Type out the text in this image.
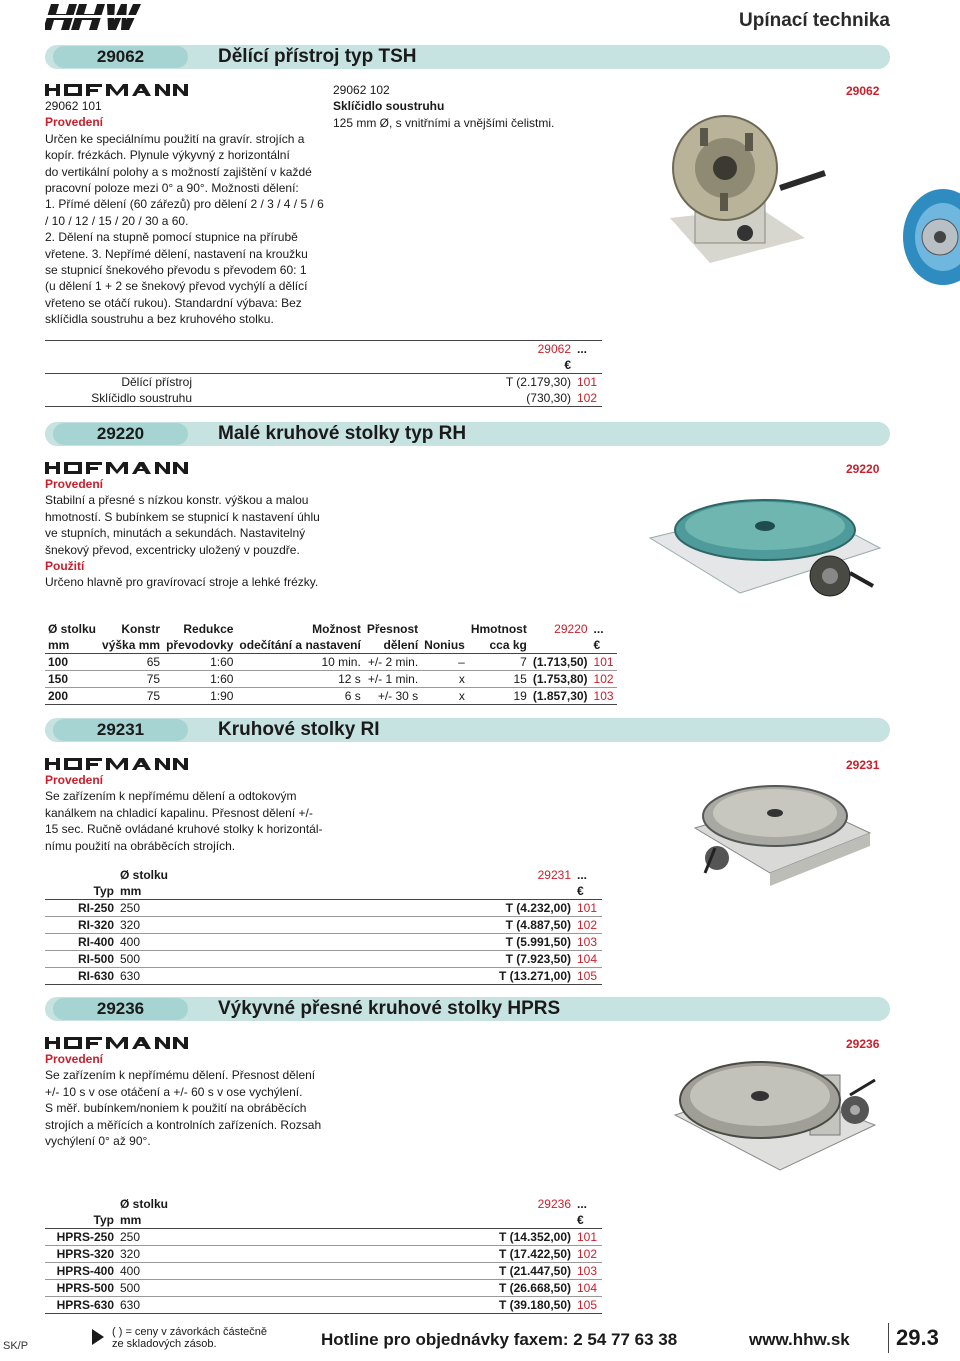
Upínací technika
29062	Dělící přístroj typ TSH
29062 101
Provedení
Určen ke speciálnímu použití na gravír. strojích a
kopír. frézkách. Plynule výkyvný z horizontální
do vertikální polohy a s možností zajištění v každé
pracovní poloze mezi 0° a 90°. Možnosti dělení:
1. Přímé dělení (60 zářezů) pro dělení 2 / 3 / 4 / 5 / 6
/ 10 / 12 / 15 / 20 / 30 a 60.
2. Dělení na stupně pomocí stupnice na přírubě
vřetene. 3. Nepřímé dělení, nastavení na kroužku
se stupnicí šnekového převodu s převodem 60: 1
(u dělení 1 + 2 se šnekový převod vychýlí a dělící
vřeteno se otáčí rukou). Standardní výbava: Bez
sklíčidla soustruhu a bez kruhového stolku.
29062 102
Sklíčidlo soustruhu
125 mm Ø, s vnitřními a vnějšími čelistmi.
29062
		29062	...
		€	
Dělící přístroj		T (2.179,30)	101
Sklíčidlo soustruhu		(730,30)	102
29220	Malé kruhové stolky typ RH
Provedení
Stabilní a přesné s nízkou konstr. výškou a malou
hmotností. S bubínkem se stupnicí k nastavení úhlu
ve stupních, minutách a sekundách. Nastavitelný
šnekový převod, excentricky uložený v pouzdře.
Použití
Určeno hlavně pro gravírovací stroje a lehké frézky.
29220
Ø stolku	Konstr	Redukce	Možnost	Přesnost		Hmotnost	29220	...
mm	výška mm	převodovky	odečítání a nastavení	dělení	Nonius	cca kg		€
100	65	1:60	10 min.	+/- 2 min.	–	7	(1.713,50)	101
150	75	1:60	12 s	+/- 1 min.	x	15	(1.753,80)	102
200	75	1:90	6 s	+/- 30 s	x	19	(1.857,30)	103
29231	Kruhové stolky RI
Provedení
Se zařízením k nepřímému dělení a odtokovým
kanálkem na chladicí kapalinu. Přesnost dělení +/-
15 sec. Ručně ovládané kruhové stolky k horizontál-
nímu použití na obráběcích strojích.
29231
	Ø stolku	29231	...
Typ	mm		€
RI-250	250	T (4.232,00)	101
RI-320	320	T (4.887,50)	102
RI-400	400	T (5.991,50)	103
RI-500	500	T (7.923,50)	104
RI-630	630	T (13.271,00)	105
29236	Výkyvné přesné kruhové stolky HPRS
Provedení
Se zařízením k nepřímému dělení. Přesnost dělení
+/- 10 s v ose otáčení a +/- 60 s v ose vychýlení.
S měř. bubínkem/noniem k použití na obráběcích
strojích a měřících a kontrolních zařízeních. Rozsah
vychýlení 0° až 90°.
29236
	Ø stolku	29236	...
Typ	mm		€
HPRS-250	250	T (14.352,00)	101
HPRS-320	320	T (17.422,50)	102
HPRS-400	400	T (21.447,50)	103
HPRS-500	500	T (26.668,50)	104
HPRS-630	630	T (39.180,50)	105
SK/P
( ) = ceny v závorkách částečně
ze skladových zásob.	Hotline pro objednávky faxem: 2 54 77 63 38	www.hhw.sk 29.3
